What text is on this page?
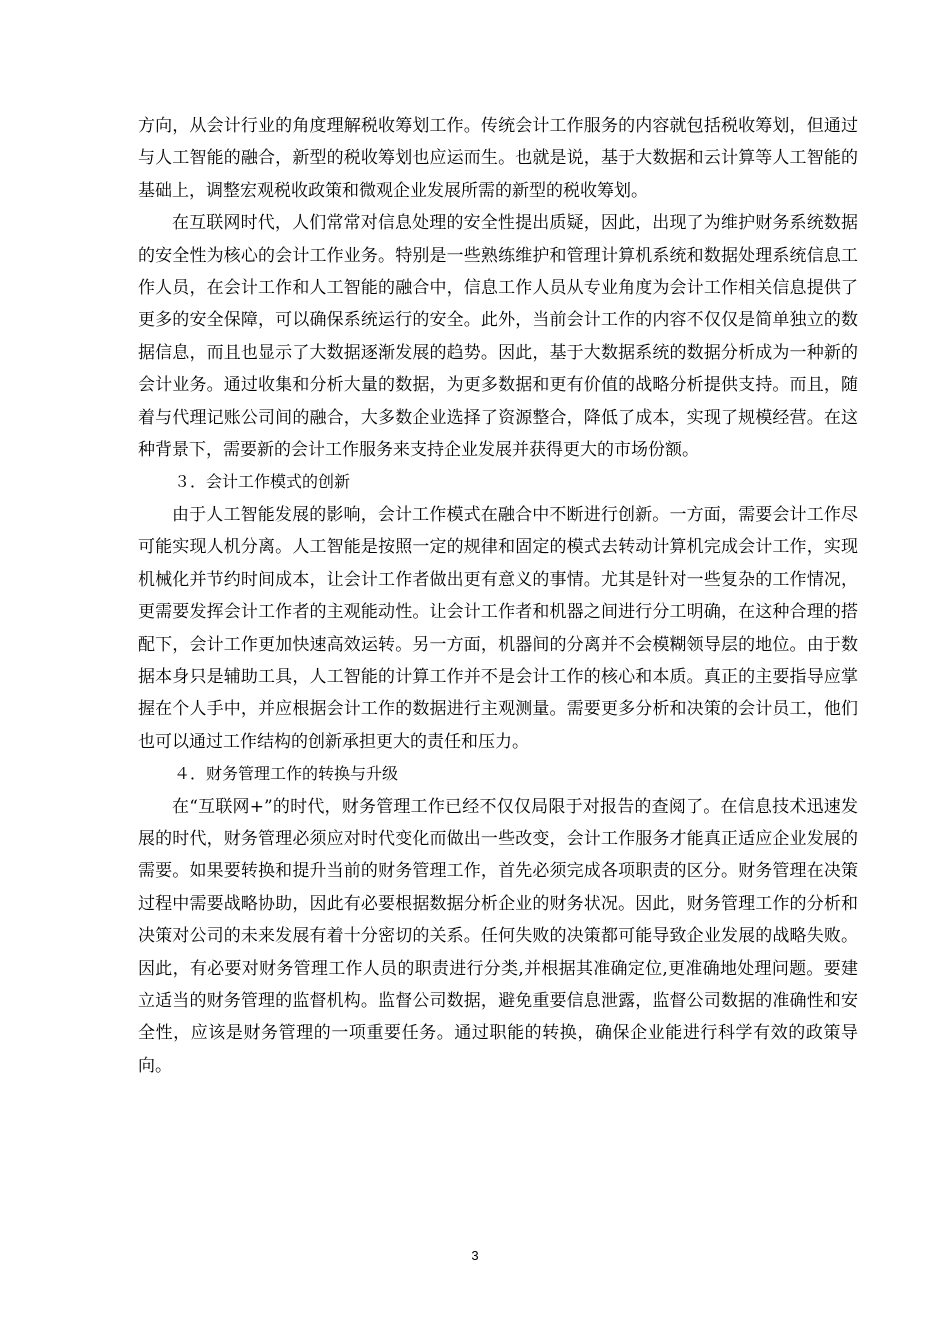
方向，从会计行业的角度理解税收筹划工作。传统会计工作服务的内容就包括税收筹划，但通过与人工智能的融合，新型的税收筹划也应运而生。也就是说，基于大数据和云计算等人工智能的基础上，调整宏观税收政策和微观企业发展所需的新型的税收筹划。

在互联网时代，人们常常对信息处理的安全性提出质疑，因此，出现了为维护财务系统数据的安全性为核心的会计工作业务。特别是一些熟练维护和管理计算机系统和数据处理系统信息工作人员，在会计工作和人工智能的融合中，信息工作人员从专业角度为会计工作相关信息提供了更多的安全保障，可以确保系统运行的安全。此外，当前会计工作的内容不仅仅是简单独立的数据信息，而且也显示了大数据逐渐发展的趋势。因此，基于大数据系统的数据分析成为一种新的会计业务。通过收集和分析大量的数据，为更多数据和更有价值的战略分析提供支持。而且，随着与代理记账公司间的融合，大多数企业选择了资源整合，降低了成本，实现了规模经营。在这种背景下，需要新的会计工作服务来支持企业发展并获得更大的市场份额。

３．会计工作模式的创新

由于人工智能发展的影响，会计工作模式在融合中不断进行创新。一方面，需要会计工作尽可能实现人机分离。人工智能是按照一定的规律和固定的模式去转动计算机完成会计工作，实现机械化并节约时间成本，让会计工作者做出更有意义的事情。尤其是针对一些复杂的工作情况，更需要发挥会计工作者的主观能动性。让会计工作者和机器之间进行分工明确，在这种合理的搭配下，会计工作更加快速高效运转。另一方面，机器间的分离并不会模糊领导层的地位。由于数据本身只是辅助工具，人工智能的计算工作并不是会计工作的核心和本质。真正的主要指导应掌握在个人手中，并应根据会计工作的数据进行主观测量。需要更多分析和决策的会计员工，他们也可以通过工作结构的创新承担更大的责任和压力。

４．财务管理工作的转换与升级

在“互联网+”的时代，财务管理工作已经不仅仅局限于对报告的查阅了。在信息技术迅速发展的时代，财务管理必须应对时代变化而做出一些改变，会计工作服务才能真正适应企业发展的需要。如果要转换和提升当前的财务管理工作，首先必须完成各项职责的区分。财务管理在决策过程中需要战略协助，因此有必要根据数据分析企业的财务状况。因此，财务管理工作的分析和决策对公司的未来发展有着十分密切的关系。任何失败的决策都可能导致企业发展的战略失败。因此，有必要对财务管理工作人员的职责进行分类,并根据其准确定位,更准确地处理问题。要建立适当的财务管理的监督机构。监督公司数据，避免重要信息泄露，监督公司数据的准确性和安全性，应该是财务管理的一项重要任务。通过职能的转换，确保企业能进行科学有效的政策导向。

3
